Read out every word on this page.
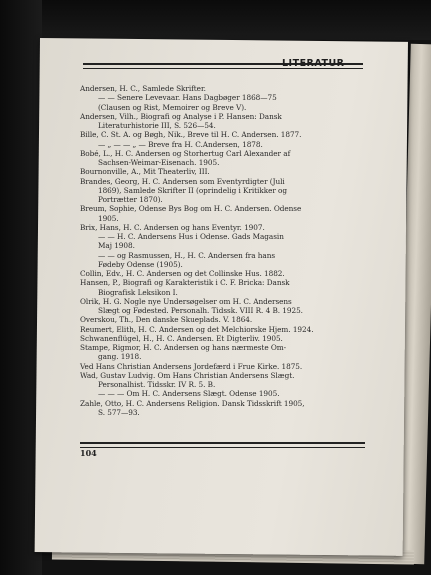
LITERATUR
Andersen, H. C., Samlede Skrifter.
— — Senere Levevaar. Hans Dagbøger 1868—75
(Clausen og Rist, Memoirer og Breve V).
Andersen, Vilh., Biografi og Analyse i P. Hansen: Dansk
Literaturhistorie III, S. 526—54.
Bille, C. St. A. og Bøgh, Nik., Breve til H. C. Andersen. 1877.
— „ — — „ — Breve fra H. C.Andersen, 1878.
Bobé, L., H. C. Andersen og Storhertug Carl Alexander af
Sachsen-Weimar-Eisenach. 1905.
Bournonville, A., Mit Theaterliv, III.
Brandes, Georg, H. C. Andersen som Eventyrdigter (Juli
1869), Samlede Skrifter II (oprindelig i Kritikker og
Portrætter 1870).
Breum, Sophie, Odense Bys Bog om H. C. Andersen. Odense
1905.
Brix, Hans, H. C. Andersen og hans Eventyr. 1907.
— — H. C. Andersens Hus i Odense. Gads Magasin
Maj 1908.
— — og Rasmussen, H., H. C. Andersen fra hans
Fødeby Odense (1905).
Collin, Edv., H. C. Andersen og det Collinske Hus. 1882.
Hansen, P., Biografi og Karakteristik i C. F. Bricka: Dansk
Biografisk Leksikon I.
Olrik, H. G. Nogle nye Undersøgelser om H. C. Andersens
Slægt og Fødested. Personalh. Tidssk. VIII R. 4 B. 1925.
Overskou, Th., Den danske Skueplads. V. 1864.
Reumert, Elith, H. C. Andersen og det Melchiorske Hjem. 1924.
Schwanenflügel, H., H. C. Andersen. Et Digterliv. 1905.
Stampe, Rigmor, H. C. Andersen og hans nærmeste Om-
gang. 1918.
Ved Hans Christian Andersens Jordefærd i Frue Kirke. 1875.
Wad, Gustav Ludvig. Om Hans Christian Andersens Slægt.
Personalhist. Tidsskr. IV R. 5. B.
— — — Om H. C. Andersens Slægt. Odense 1905.
Zahle, Otto, H. C. Andersens Religion. Dansk Tidsskrift 1905,
S. 577—93.
104
